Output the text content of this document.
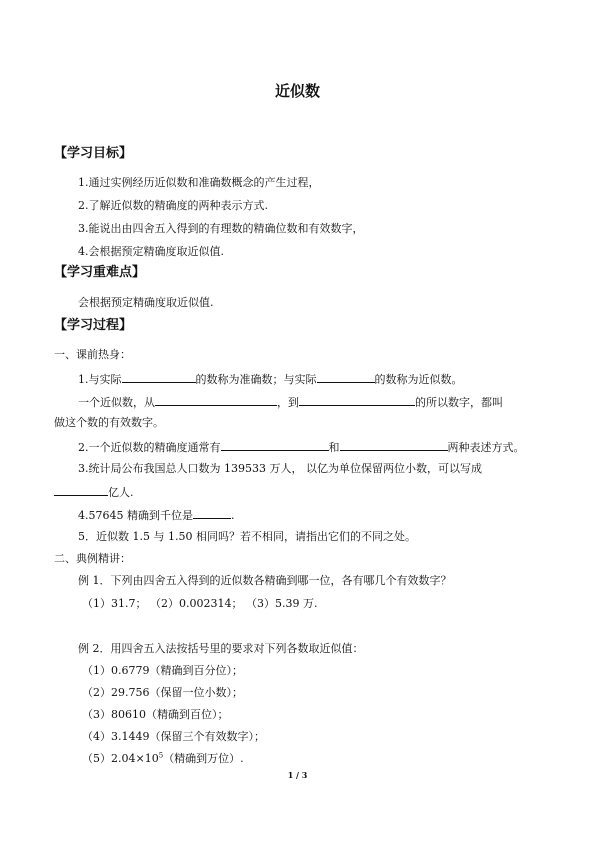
近似数
【学习目标】
1.通过实例经历近似数和准确数概念的产生过程，
2.了解近似数的精确度的两种表示方式.
3.能说出由四舍五入得到的有理数的精确位数和有效数字，
4.会根据预定精确度取近似值.
【学习重难点】
会根据预定精确度取近似值.
【学习过程】
一、课前热身：
1.与实际	的数称为准确数；与实际	的数称为近似数。
一个近似数，从	，到	的所以数字，都叫
做这个数的有效数字。
2.一个近似数的精确度通常有	和	两种表述方式。
3.统计局公布我国总人口数为 139533 万人， 以亿为单位保留两位小数，可以写成
亿人.
4.57645 精确到千位是	.
5．近似数 1.5 与 1.50 相同吗？若不相同，请指出它们的不同之处。
二、典例精讲：
例 1．下列由四舍五入得到的近似数各精确到哪一位，各有哪几个有效数字？
（1）31.7； （2）0.002314； （3）5.39 万.
例 2．用四舍五入法按括号里的要求对下列各数取近似值：
（1）0.6779（精确到百分位）；
（2）29.756（保留一位小数）；
（3）80610（精确到百位）；
（4）3.1449（保留三个有效数字）；
$(5)2.04\times 10^5$（精确到万位）.
1 / 3
